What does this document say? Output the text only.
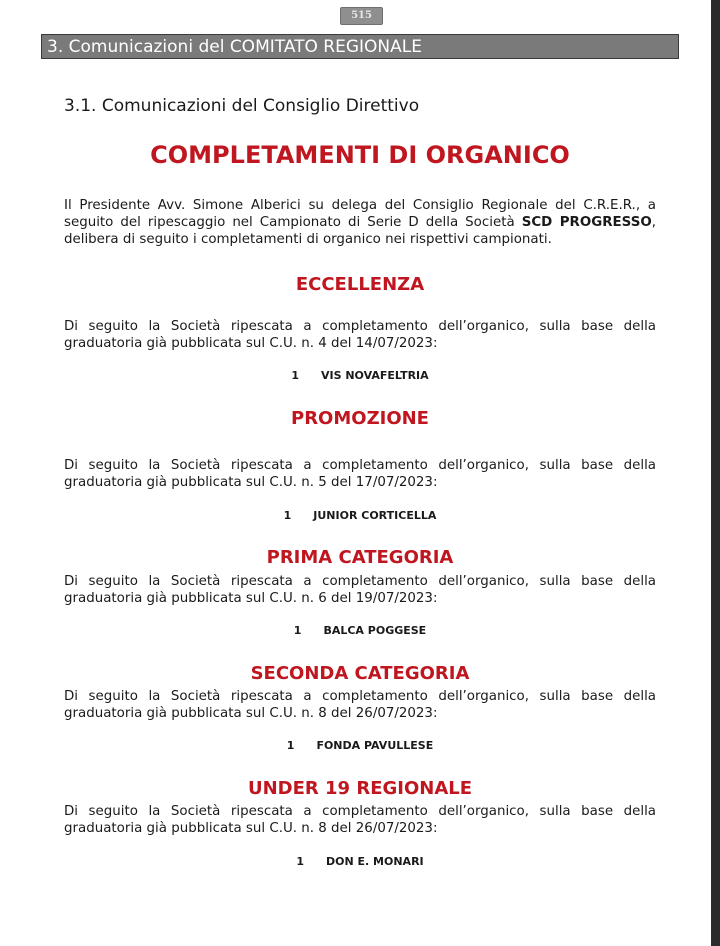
515
3. Comunicazioni del COMITATO REGIONALE
3.1. Comunicazioni del Consiglio Direttivo
COMPLETAMENTI DI ORGANICO
Il Presidente Avv. Simone Alberici su delega del Consiglio Regionale del C.R.E.R., a seguito del ripescaggio nel Campionato di Serie D della Società SCD PROGRESSO, delibera di seguito i completamenti di organico nei rispettivi campionati.
ECCELLENZA
Di seguito la Società ripescata a completamento dell’organico, sulla base della graduatoria già pubblicata sul C.U. n. 4 del 14/07/2023:
1 VIS NOVAFELTRIA
PROMOZIONE
Di seguito la Società ripescata a completamento dell’organico, sulla base della graduatoria già pubblicata sul C.U. n. 5 del 17/07/2023:
1 JUNIOR CORTICELLA
PRIMA CATEGORIA
Di seguito la Società ripescata a completamento dell’organico, sulla base della graduatoria già pubblicata sul C.U. n. 6 del 19/07/2023:
1 BALCA POGGESE
SECONDA CATEGORIA
Di seguito la Società ripescata a completamento dell’organico, sulla base della graduatoria già pubblicata sul C.U. n. 8 del 26/07/2023:
1 FONDA PAVULLESE
UNDER 19 REGIONALE
Di seguito la Società ripescata a completamento dell’organico, sulla base della graduatoria già pubblicata sul C.U. n. 8 del 26/07/2023:
1 DON E. MONARI
